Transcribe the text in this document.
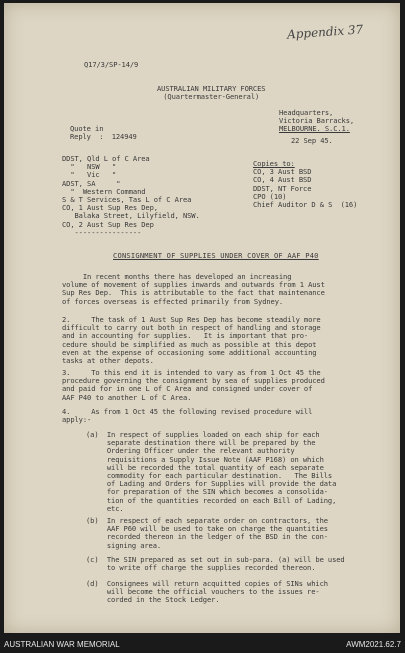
Appendix 37
Q17/3/SP-14/9
AUSTRALIAN MILITARY FORCES
(Quartermaster-General)
Headquarters,
Victoria Barracks,
MELBOURNE. S.C.1.
Quote in
Reply  :  124949	22 Sep 45.
DDST, Qld L of C Area
"   NSW   "
"   Vic   "
ADST, SA     "
"  Western Command
S & T Services, Tas L of C Area
CO, 1 Aust Sup Res Dep,
Balaka Street, Lilyfield, NSW.
CO, 2 Aust Sup Res Dep
----------------
Copies to:
CO, 3 Aust BSD
CO, 4 Aust BSD
DDST, NT Force
CPO (10)
Chief Auditor D & S  (16)
CONSIGNMENT OF SUPPLIES UNDER COVER OF AAF P40
In recent months there has developed an increasing
volume of movement of supplies inwards and outwards from 1 Aust
Sup Res Dep.  This is attributable to the fact that maintenance
of forces overseas is effected primarily from Sydney.
2.     The task of 1 Aust Sup Res Dep has become steadily more
difficult to carry out both in respect of handling and storage
and in accounting for supplies.   It is important that pro-
cedure should be simplified as much as possible at this depot
even at the expense of occasioning some additional accounting
tasks at other depots.
3.     To this end it is intended to vary as from 1 Oct 45 the
procedure governing the consignment by sea of supplies produced
and paid for in one L of C Area and consigned under cover of
AAF P40 to another L of C Area.
4.     As from 1 Oct 45 the following revised procedure will
apply:-
(a)  In respect of supplies loaded on each ship for each
separate destination there will be prepared by the
Ordering Officer under the relevant authority
requisitions a Supply Issue Note (AAF P168) on which
will be recorded the total quantity of each separate
commodity for each particular destination.   The Bills
of Lading and Orders for Supplies will provide the data
for preparation of the SIN which becomes a consolida-
tion of the quantities recorded on each Bill of Lading,
etc.
(b)  In respect of each separate order on contractors, the
AAF P60 will be used to take on charge the quantities
recorded thereon in the ledger of the BSD in the con-
signing area.
(c)  The SIN prepared as set out in sub-para. (a) will be used
to write off charge the supplies recorded thereon.
(d)  Consignees will return acquitted copies of SINs which
will become the official vouchers to the issues re-
corded in the Stock Ledger.
AUSTRALIAN WAR MEMORIAL	AWM2021.62.7
